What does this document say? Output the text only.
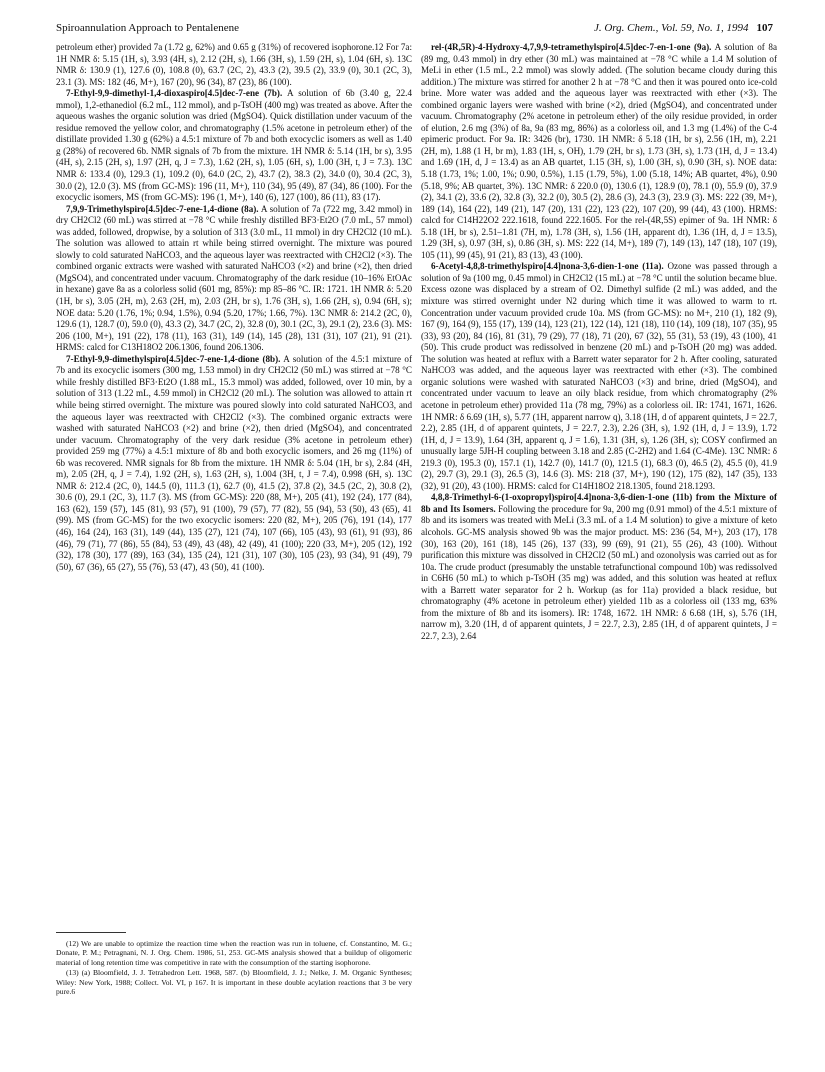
Spiroannulation Approach to Pentalenene	J. Org. Chem., Vol. 59, No. 1, 1994 107

petroleum ether) provided 7a (1.72 g, 62%) and 0.65 g (31%) of recovered isophorone.12 For 7a: 1H NMR δ: 5.15 (1H, s), 3.93 (4H, s), 2.12 (2H, s), 1.66 (3H, s), 1.59 (2H, s), 1.04 (6H, s). 13C NMR δ: 130.9 (1), 127.6 (0), 108.8 (0), 63.7 (2C, 2), 43.3 (2), 39.5 (2), 33.9 (0), 30.1 (2C, 3), 23.1 (3). MS: 182 (46, M+), 167 (20), 96 (34), 87 (23), 86 (100).

7-Ethyl-9,9-dimethyl-1,4-dioxaspiro[4.5]dec-7-ene (7b). A solution of 6b (3.40 g, 22.4 mmol), 1,2-ethanediol (6.2 mL, 112 mmol), and p-TsOH (400 mg) was treated as above. After the aqueous washes the organic solution was dried (MgSO4). Quick distillation under vacuum of the residue removed the yellow color, and chromatography (1.5% acetone in petroleum ether) of the distillate provided 1.30 g (62%) a 4.5:1 mixture of 7b and both exocyclic isomers as well as 1.40 g (28%) of recovered 6b. NMR signals of 7b from the mixture. 1H NMR δ: 5.14 (1H, br s), 3.95 (4H, s), 2.15 (2H, s), 1.97 (2H, q, J = 7.3), 1.62 (2H, s), 1.05 (6H, s), 1.00 (3H, t, J = 7.3). 13C NMR δ: 133.4 (0), 129.3 (1), 109.2 (0), 64.0 (2C, 2), 43.7 (2), 38.3 (2), 34.0 (0), 30.4 (2C, 3), 30.0 (2), 12.0 (3). MS (from GC-MS): 196 (11, M+), 110 (34), 95 (49), 87 (34), 86 (100). For the exocyclic isomers, MS (from GC-MS): 196 (1, M+), 140 (6), 127 (100), 86 (11), 83 (17).

7,9,9-Trimethylspiro[4.5]dec-7-ene-1,4-dione (8a). A solution of 7a (722 mg, 3.42 mmol) in dry CH2Cl2 (60 mL) was stirred at −78 °C while freshly distilled BF3·Et2O (7.0 mL, 57 mmol) was added, followed, dropwise, by a solution of 313 (3.0 mL, 11 mmol) in dry CH2Cl2 (10 mL). The solution was allowed to attain rt while being stirred overnight. The mixture was poured slowly to cold saturated NaHCO3, and the aqueous layer was reextracted with CH2Cl2 (×3). The combined organic extracts were washed with saturated NaHCO3 (×2) and brine (×2), then dried (MgSO4), and concentrated under vacuum. Chromatography of the dark residue (10–16% EtOAc in hexane) gave 8a as a colorless solid (601 mg, 85%): mp 85–86 °C. IR: 1721. 1H NMR δ: 5.20 (1H, br s), 3.05 (2H, m), 2.63 (2H, m), 2.03 (2H, br s), 1.76 (3H, s), 1.66 (2H, s), 0.94 (6H, s); NOE data: 5.20 (1.76, 1%; 0.94, 1.5%), 0.94 (5.20, 17%; 1.66, 7%). 13C NMR δ: 214.2 (2C, 0), 129.6 (1), 128.7 (0), 59.0 (0), 43.3 (2), 34.7 (2C, 2), 32.8 (0), 30.1 (2C, 3), 29.1 (2), 23.6 (3). MS: 206 (100, M+), 191 (22), 178 (11), 163 (31), 149 (14), 145 (28), 131 (31), 107 (21), 91 (21). HRMS: calcd for C13H18O2 206.1306, found 206.1306.

7-Ethyl-9,9-dimethylspiro[4.5]dec-7-ene-1,4-dione (8b). A solution of the 4.5:1 mixture of 7b and its exocyclic isomers (300 mg, 1.53 mmol) in dry CH2Cl2 (50 mL) was stirred at −78 °C while freshly distilled BF3·Et2O (1.88 mL, 15.3 mmol) was added, followed, over 10 min, by a solution of 313 (1.22 mL, 4.59 mmol) in CH2Cl2 (20 mL). The solution was allowed to attain rt while being stirred overnight. The mixture was poured slowly into cold saturated NaHCO3, and the aqueous layer was reextracted with CH2Cl2 (×3). The combined organic extracts were washed with saturated NaHCO3 (×2) and brine (×2), then dried (MgSO4), and concentrated under vacuum. Chromatography of the very dark residue (3% acetone in petroleum ether) provided 259 mg (77%) a 4.5:1 mixture of 8b and both exocyclic isomers, and 26 mg (11%) of 6b was recovered. NMR signals for 8b from the mixture. 1H NMR δ: 5.04 (1H, br s), 2.84 (4H, m), 2.05 (2H, q, J = 7.4), 1.92 (2H, s), 1.63 (2H, s), 1.004 (3H, t, J = 7.4), 0.998 (6H, s). 13C NMR δ: 212.4 (2C, 0), 144.5 (0), 111.3 (1), 62.7 (0), 41.5 (2), 37.8 (2), 34.5 (2C, 2), 30.8 (2), 30.6 (0), 29.1 (2C, 3), 11.7 (3). MS (from GC-MS): 220 (88, M+), 205 (41), 192 (24), 177 (84), 163 (62), 159 (57), 145 (81), 93 (57), 91 (100), 79 (57), 77 (82), 55 (94), 53 (50), 43 (65), 41 (99). MS (from GC-MS) for the two exocyclic isomers: 220 (82, M+), 205 (76), 191 (14), 177 (46), 164 (24), 163 (31), 149 (44), 135 (27), 121 (74), 107 (66), 105 (43), 93 (61), 91 (93), 86 (46), 79 (71), 77 (86), 55 (84), 53 (49), 43 (48), 42 (49), 41 (100); 220 (33, M+), 205 (12), 192 (32), 178 (30), 177 (89), 163 (34), 135 (24), 121 (31), 107 (30), 105 (23), 93 (34), 91 (49), 79 (50), 67 (36), 65 (27), 55 (76), 53 (47), 43 (50), 41 (100).

(12) We are unable to optimize the reaction time when the reaction was run in toluene, cf. Constantino, M. G.; Donate, P. M.; Petragnani, N. J. Org. Chem. 1986, 51, 253. GC-MS analysis showed that a buildup of oligomeric material of long retention time was competitive in rate with the consumption of the starting isophorone.

(13) (a) Bloomfield, J. J. Tetrahedron Lett. 1968, 587. (b) Bloomfield, J. J.; Nelke, J. M. Organic Syntheses; Wiley: New York, 1988; Collect. Vol. VI, p 167. It is important in these double acylation reactions that 3 be very pure.6

rel-(4R,5R)-4-Hydroxy-4,7,9,9-tetramethylspiro[4.5]dec-7-en-1-one (9a). A solution of 8a (89 mg, 0.43 mmol) in dry ether (30 mL) was maintained at −78 °C while a 1.4 M solution of MeLi in ether (1.5 mL, 2.2 mmol) was slowly added. (The solution became cloudy during this addition.) The mixture was stirred for another 2 h at −78 °C and then it was poured onto ice-cold brine. More water was added and the aqueous layer was reextracted with ether (×3). The combined organic layers were washed with brine (×2), dried (MgSO4), and concentrated under vacuum. Chromatography (2% acetone in petroleum ether) of the oily residue provided, in order of elution, 2.6 mg (3%) of 8a, 9a (83 mg, 86%) as a colorless oil, and 1.3 mg (1.4%) of the C-4 epimeric product. For 9a. IR: 3426 (br), 1730. 1H NMR: δ 5.18 (1H, br s), 2.56 (1H, m), 2.21 (2H, m), 1.88 (1 H, br m), 1.83 (1H, s, OH), 1.79 (2H, br s), 1.73 (3H, s), 1.73 (1H, d, J = 13.4) and 1.69 (1H, d, J = 13.4) as an AB quartet, 1.15 (3H, s), 1.00 (3H, s), 0.90 (3H, s). NOE data: 5.18 (1.73, 1%; 1.00, 1%; 0.90, 0.5%), 1.15 (1.79, 5%), 1.00 (5.18, 14%; AB quartet, 4%), 0.90 (5.18, 9%; AB quartet, 3%). 13C NMR: δ 220.0 (0), 130.6 (1), 128.9 (0), 78.1 (0), 55.9 (0), 37.9 (2), 34.1 (2), 33.6 (2), 32.8 (3), 32.2 (0), 30.5 (2), 28.6 (3), 24.3 (3), 23.9 (3). MS: 222 (39, M+), 189 (14), 164 (22), 149 (21), 147 (20), 131 (22), 123 (22), 107 (20), 99 (44), 43 (100). HRMS: calcd for C14H22O2 222.1618, found 222.1605. For the rel-(4R,5S) epimer of 9a. 1H NMR: δ 5.18 (1H, br s), 2.51–1.81 (7H, m), 1.78 (3H, s), 1.56 (1H, apparent dt), 1.36 (1H, d, J = 13.5), 1.29 (3H, s), 0.97 (3H, s), 0.86 (3H, s). MS: 222 (14, M+), 189 (7), 149 (13), 147 (18), 107 (19), 105 (11), 99 (45), 91 (21), 83 (13), 43 (100).

6-Acetyl-4,8,8-trimethylspiro[4.4]nona-3,6-dien-1-one (11a). Ozone was passed through a solution of 9a (100 mg, 0.45 mmol) in CH2Cl2 (15 mL) at −78 °C until the solution became blue. Excess ozone was displaced by a stream of O2. Dimethyl sulfide (2 mL) was added, and the mixture was stirred overnight under N2 during which time it was allowed to warm to rt. Concentration under vacuum provided crude 10a. MS (from GC-MS): no M+, 210 (1), 182 (9), 167 (9), 164 (9), 155 (17), 139 (14), 123 (21), 122 (14), 121 (18), 110 (14), 109 (18), 107 (35), 95 (33), 93 (20), 84 (16), 81 (31), 79 (29), 77 (18), 71 (20), 67 (32), 55 (31), 53 (19), 43 (100), 41 (50). This crude product was redissolved in benzene (20 mL) and p-TsOH (20 mg) was added. The solution was heated at reflux with a Barrett water separator for 2 h. After cooling, saturated NaHCO3 was added, and the aqueous layer was reextracted with ether (×3). The combined organic solutions were washed with saturated NaHCO3 (×3) and brine, dried (MgSO4), and concentrated under vacuum to leave an oily black residue, from which chromatography (2% acetone in petroleum ether) provided 11a (78 mg, 79%) as a colorless oil. IR: 1741, 1671, 1626. 1H NMR: δ 6.69 (1H, s), 5.77 (1H, apparent narrow q), 3.18 (1H, d of apparent quintets, J = 22.7, 2.2), 2.85 (1H, d of apparent quintets, J = 22.7, 2.3), 2.26 (3H, s), 1.92 (1H, d, J = 13.9), 1.72 (1H, d, J = 13.9), 1.64 (3H, apparent q, J = 1.6), 1.31 (3H, s), 1.26 (3H, s); COSY confirmed an unusually large 5JH-H coupling between 3.18 and 2.85 (C-2H2) and 1.64 (C-4Me). 13C NMR: δ 219.3 (0), 195.3 (0), 157.1 (1), 142.7 (0), 141.7 (0), 121.5 (1), 68.3 (0), 46.5 (2), 45.5 (0), 41.9 (2), 29.7 (3), 29.1 (3), 26.5 (3), 14.6 (3). MS: 218 (37, M+), 190 (12), 175 (82), 147 (35), 133 (32), 91 (20), 43 (100). HRMS: calcd for C14H18O2 218.1305, found 218.1293.

4,8,8-Trimethyl-6-(1-oxopropyl)spiro[4.4]nona-3,6-dien-1-one (11b) from the Mixture of 8b and Its Isomers. Following the procedure for 9a, 200 mg (0.91 mmol) of the 4.5:1 mixture of 8b and its isomers was treated with MeLi (3.3 mL of a 1.4 M solution) to give a mixture of keto alcohols. GC-MS analysis showed 9b was the major product. MS: 236 (54, M+), 203 (17), 178 (30), 163 (20), 161 (18), 145 (26), 137 (33), 99 (69), 91 (21), 55 (26), 43 (100). Without purification this mixture was dissolved in CH2Cl2 (50 mL) and ozonolysis was carried out as for 10a. The crude product (presumably the unstable tetrafunctional compound 10b) was redissolved in C6H6 (50 mL) to which p-TsOH (35 mg) was added, and this solution was heated at reflux with a Barrett water separator for 2 h. Workup (as for 11a) provided a black residue, but chromatography (4% acetone in petroleum ether) yielded 11b as a colorless oil (133 mg, 63% from the mixture of 8b and its isomers). IR: 1748, 1672. 1H NMR: δ 6.68 (1H, s), 5.76 (1H, narrow m), 3.20 (1H, d of apparent quintets, J = 22.7, 2.3), 2.85 (1H, d of apparent quintets, J = 22.7, 2.3), 2.64
